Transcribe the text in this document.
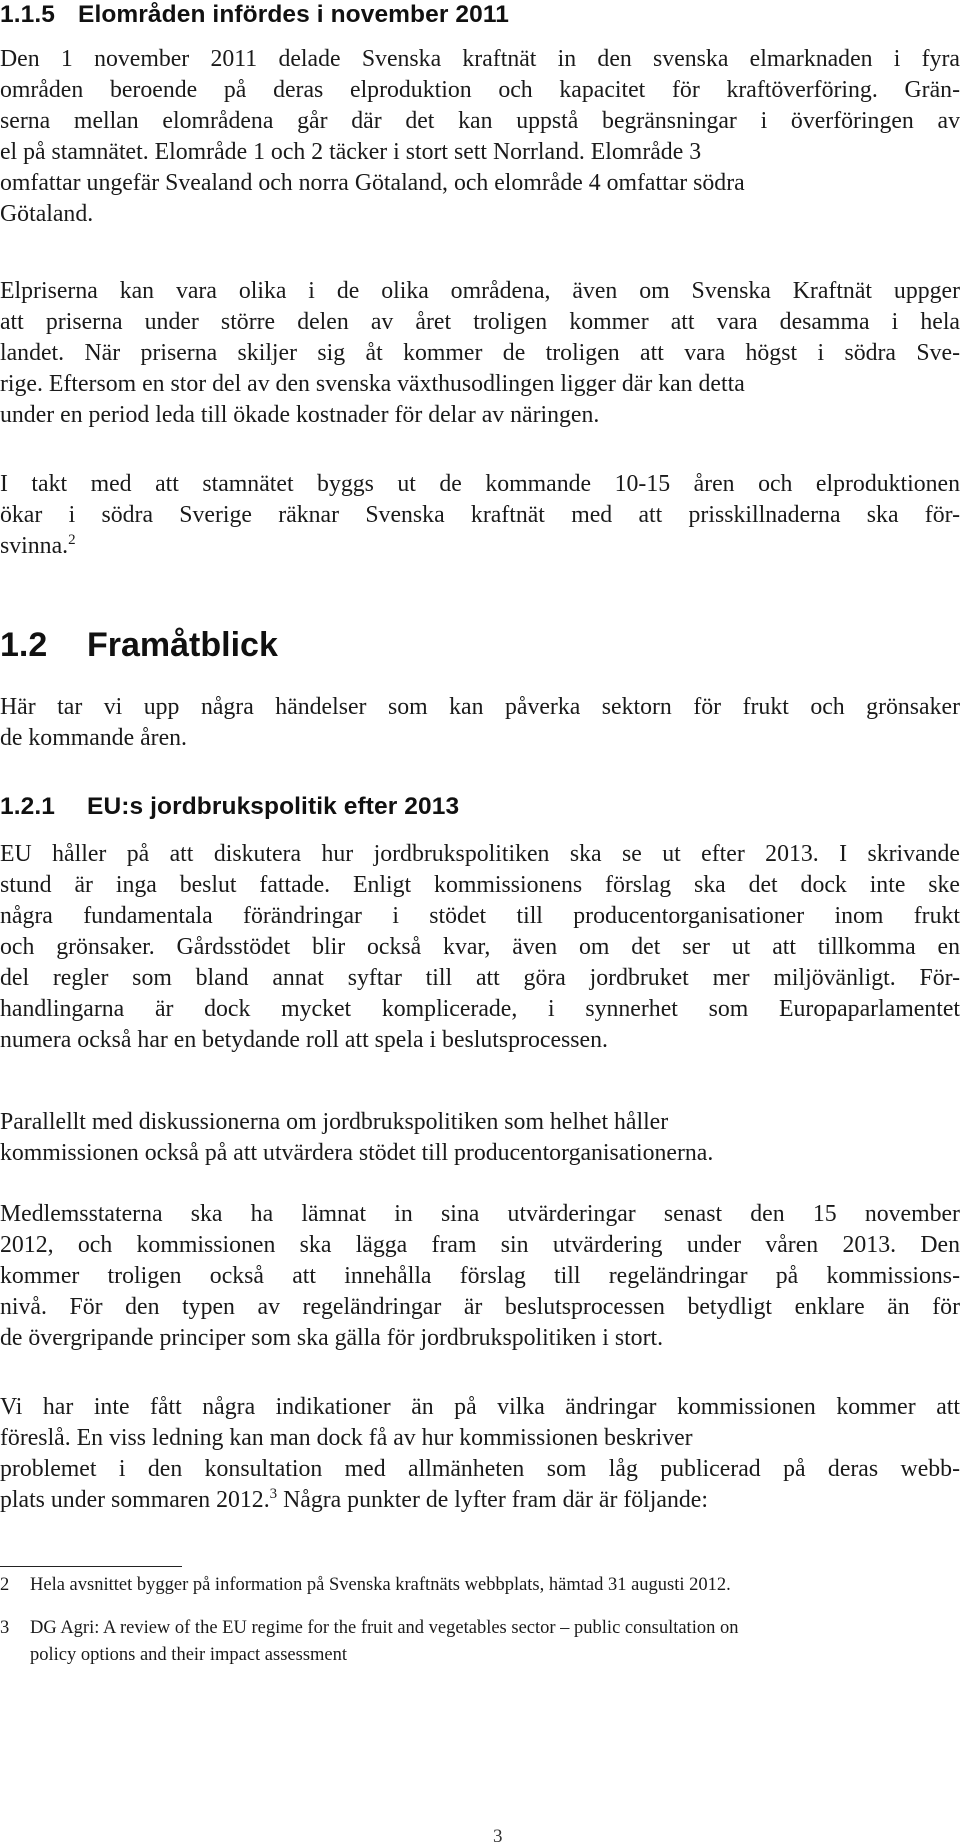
1.1.5 Elområden infördes i november 2011
Den 1 november 2011 delade Svenska kraftnät in den svenska elmarknaden i fyra
områden beroende på deras elproduktion och kapacitet för kraftöverföring. Grän-
serna mellan elområdena går där det kan uppstå begränsningar i överföringen av
el på stamnätet. Elområde 1 och 2 täcker i stort sett Norrland. Elområde 3
omfattar ungefär Svealand och norra Götaland, och elområde 4 omfattar södra
Götaland.
Elpriserna kan vara olika i de olika områdena, även om Svenska Kraftnät uppger
att priserna under större delen av året troligen kommer att vara desamma i hela
landet. När priserna skiljer sig åt kommer de troligen att vara högst i södra Sve-
rige. Eftersom en stor del av den svenska växthusodlingen ligger där kan detta
under en period leda till ökade kostnader för delar av näringen.
I takt med att stamnätet byggs ut de kommande 10-15 åren och elproduktionen
ökar i södra Sverige räknar Svenska kraftnät med att prisskillnaderna ska för-
svinna.$^2$
1.2 Framåtblick
Här tar vi upp några händelser som kan påverka sektorn för frukt och grönsaker
de kommande åren.
1.2.1 EU:s jordbrukspolitik efter 2013
EU håller på att diskutera hur jordbrukspolitiken ska se ut efter 2013. I skrivande
stund är inga beslut fattade. Enligt kommissionens förslag ska det dock inte ske
några fundamentala förändringar i stödet till producentorganisationer inom frukt
och grönsaker. Gårdsstödet blir också kvar, även om det ser ut att tillkomma en
del regler som bland annat syftar till att göra jordbruket mer miljövänligt. För-
handlingarna är dock mycket komplicerade, i synnerhet som Europaparlamentet
numera också har en betydande roll att spela i beslutsprocessen.
Parallellt med diskussionerna om jordbrukspolitiken som helhet håller
kommissionen också på att utvärdera stödet till producentorganisationerna.
Medlemsstaterna ska ha lämnat in sina utvärderingar senast den 15 november
2012, och kommissionen ska lägga fram sin utvärdering under våren 2013. Den
kommer troligen också att innehålla förslag till regeländringar på kommissions-
nivå. För den typen av regeländringar är beslutsprocessen betydligt enklare än för
de övergripande principer som ska gälla för jordbrukspolitiken i stort.
Vi har inte fått några indikationer än på vilka ändringar kommissionen kommer att
föreslå. En viss ledning kan man dock få av hur kommissionen beskriver
problemet i den konsultation med allmänheten som låg publicerad på deras webb-
plats under sommaren 2012.$^3$ Några punkter de lyfter fram där är följande:
2 Hela avsnittet bygger på information på Svenska kraftnäts webbplats, hämtad 31 augusti 2012.
3 DG Agri: A review of the EU regime for the fruit and vegetables sector – public consultation on
policy options and their impact assessment
3
